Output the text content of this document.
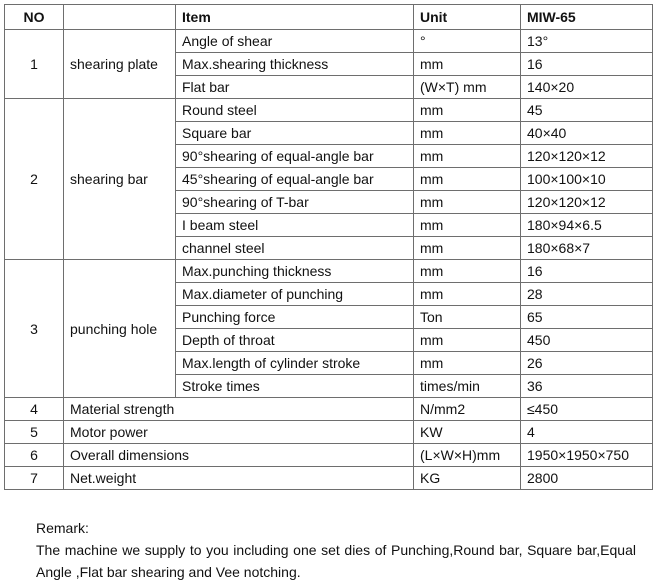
NO		Item	Unit	MIW-65
1	shearing plate	Angle of shear	°	13°
		Max.shearing thickness	mm	16
		Flat bar	(W×T) mm	140×20
2	shearing bar	Round steel	mm	45
		Square bar	mm	40×40
		90°shearing of equal-angle bar	mm	120×120×12
		45°shearing of equal-angle bar	mm	100×100×10
		90°shearing of T-bar	mm	120×120×12
		I beam steel	mm	180×94×6.5
		channel steel	mm	180×68×7
3	punching hole	Max.punching thickness	mm	16
		Max.diameter of punching	mm	28
		Punching force	Ton	65
		Depth of throat	mm	450
		Max.length of cylinder stroke	mm	26
		Stroke times	times/min	36
4	Material strength		N/mm2	≤450
5	Motor power		KW	4
6	Overall dimensions		(L×W×H)mm	1950×1950×750
7	Net.weight		KG	2800

Remark:

The machine we supply to you including one set dies of Punching,Round bar, Square bar,Equal Angle ,Flat bar shearing and Vee notching.
